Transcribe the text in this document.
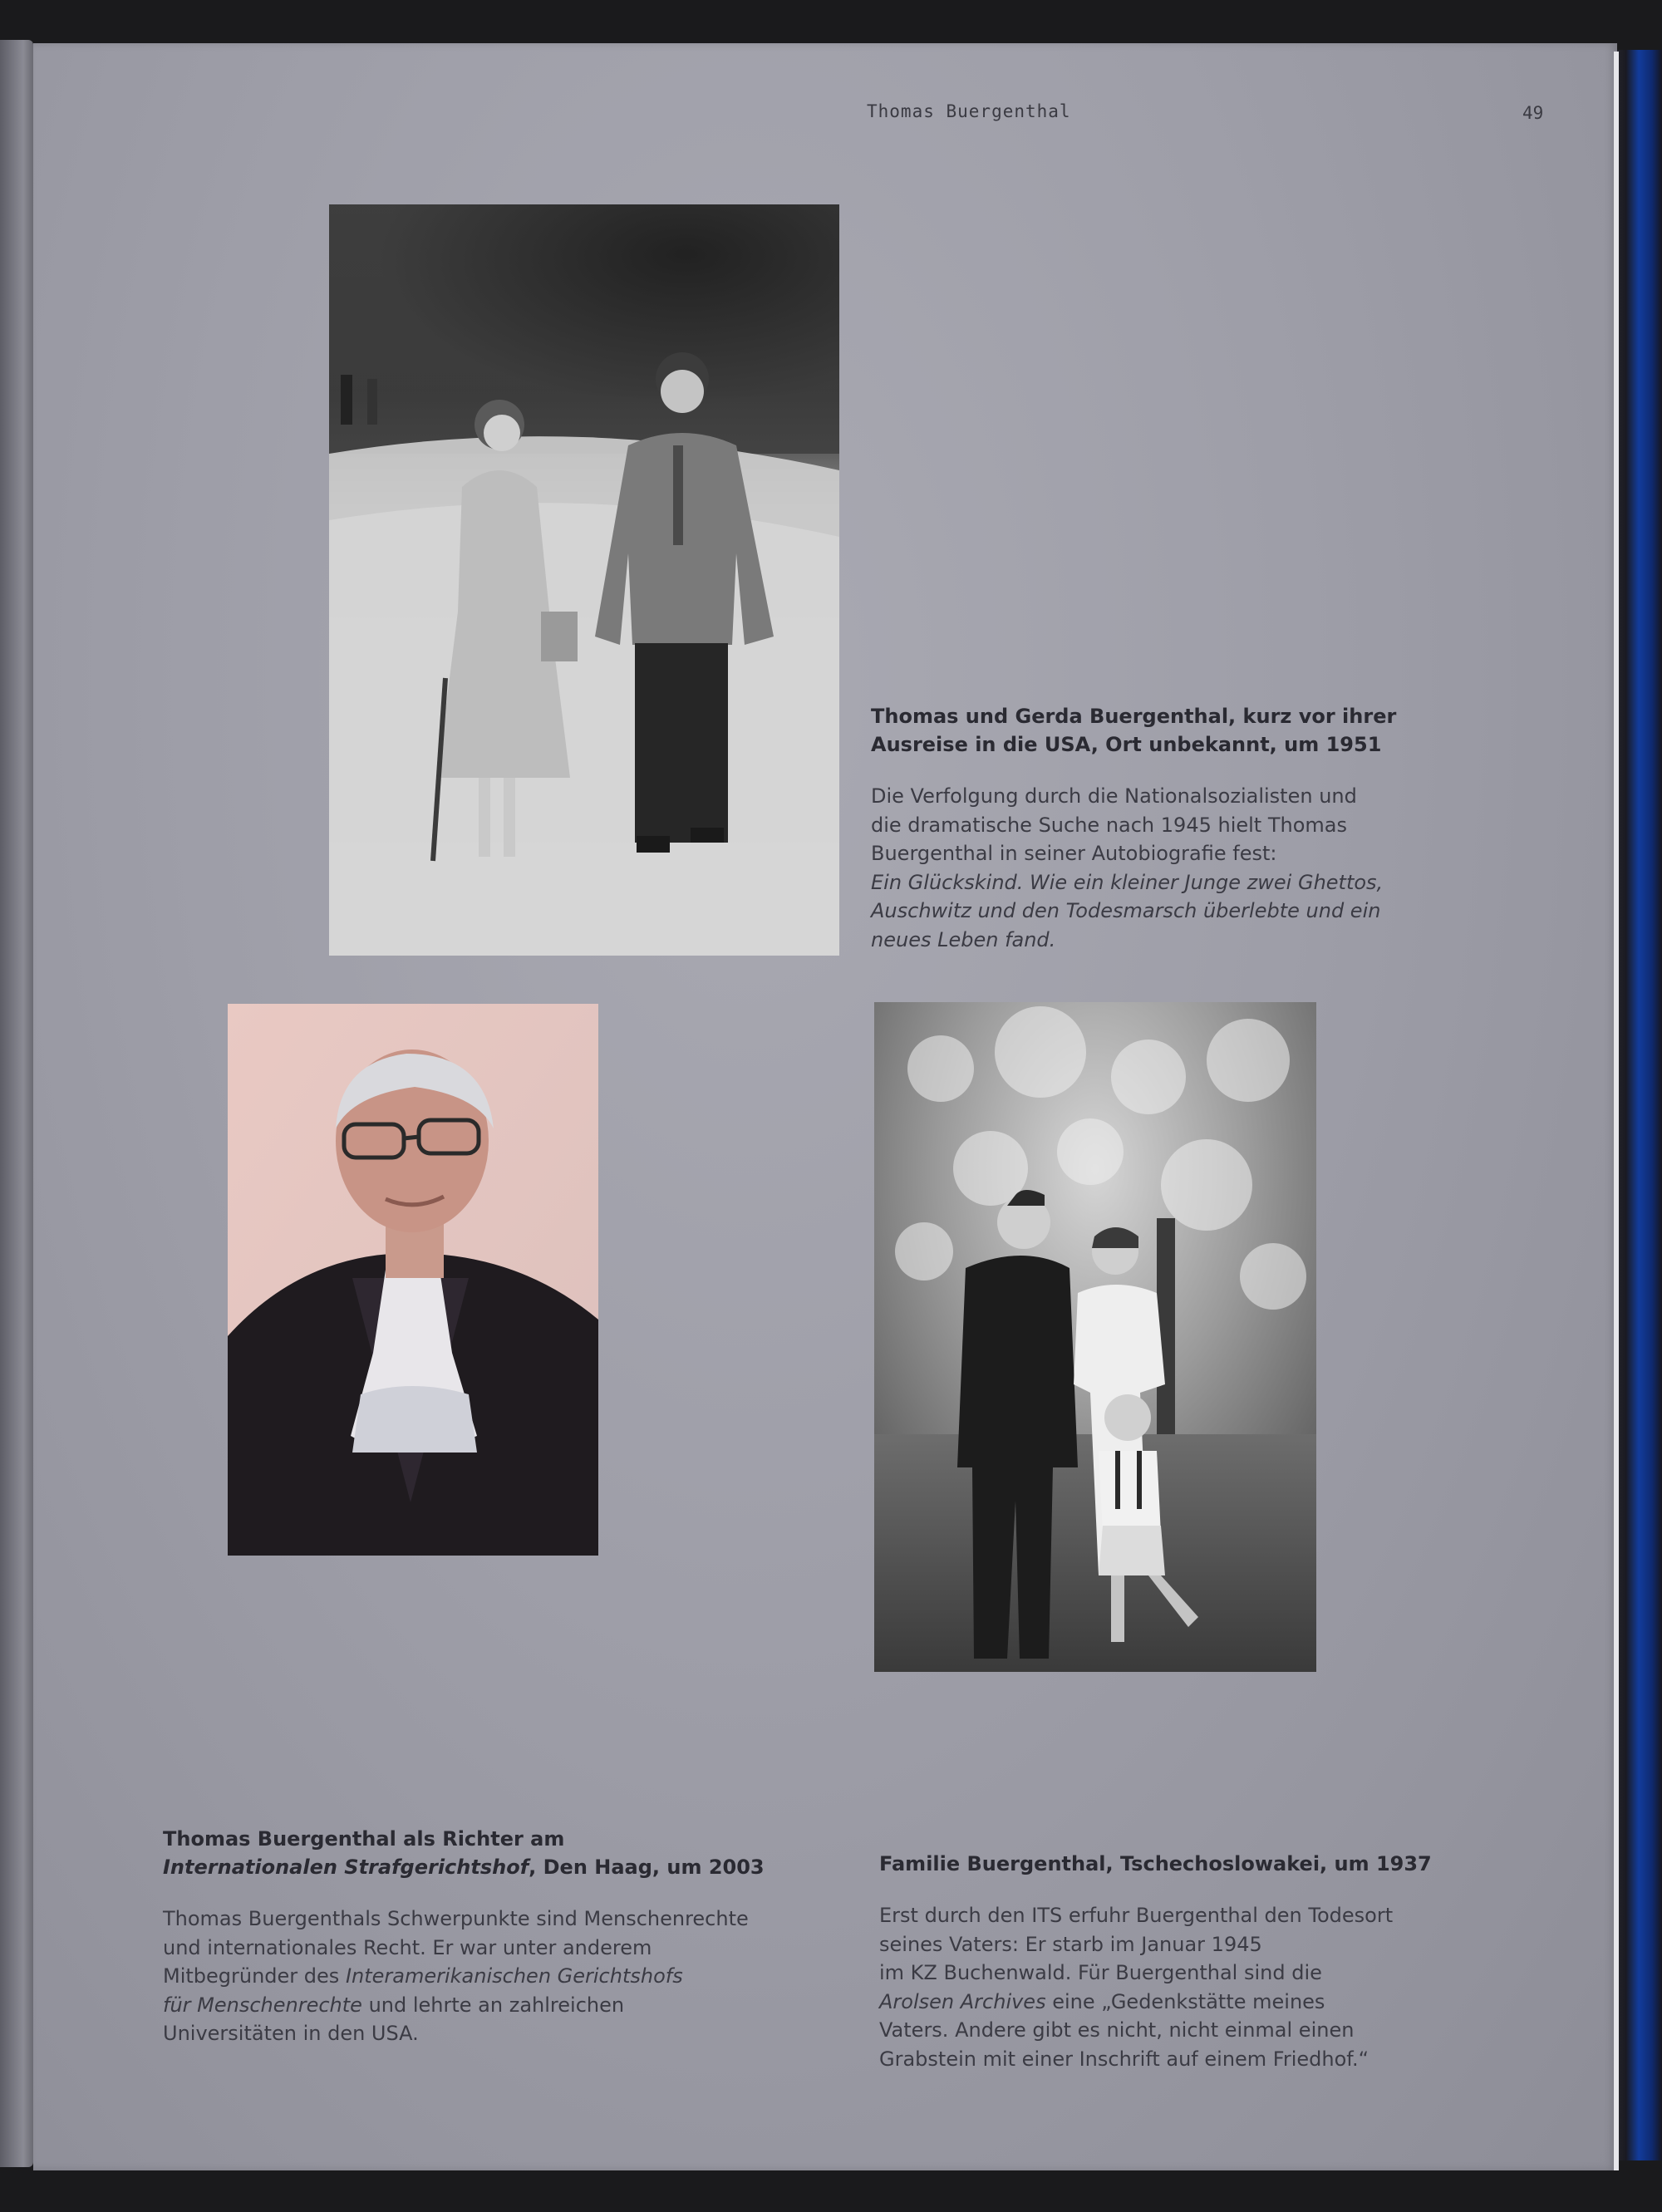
Thomas Buergenthal	49
Thomas und Gerda Buergenthal, kurz vor ihrer
Ausreise in die USA, Ort unbekannt, um 1951
Die Verfolgung durch die Nationalsozialisten und
die dramatische Suche nach 1945 hielt Thomas
Buergenthal in seiner Autobiografie fest:
Ein Glückskind. Wie ein kleiner Junge zwei Ghettos,
Auschwitz und den Todesmarsch überlebte und ein
neues Leben fand.
Thomas Buergenthal als Richter am
Internationalen Strafgerichtshof, Den Haag, um 2003
Thomas Buergenthals Schwerpunkte sind Menschenrechte
und internationales Recht. Er war unter anderem
Mitbegründer des Interamerikanischen Gerichtshofs
für Menschenrechte und lehrte an zahlreichen
Universitäten in den USA.
Familie Buergenthal, Tschechoslowakei, um 1937
Erst durch den ITS erfuhr Buergenthal den Todesort
seines Vaters: Er starb im Januar 1945
im KZ Buchenwald. Für Buergenthal sind die
Arolsen Archives eine „Gedenkstätte meines
Vaters. Andere gibt es nicht, nicht einmal einen
Grabstein mit einer Inschrift auf einem Friedhof.“
